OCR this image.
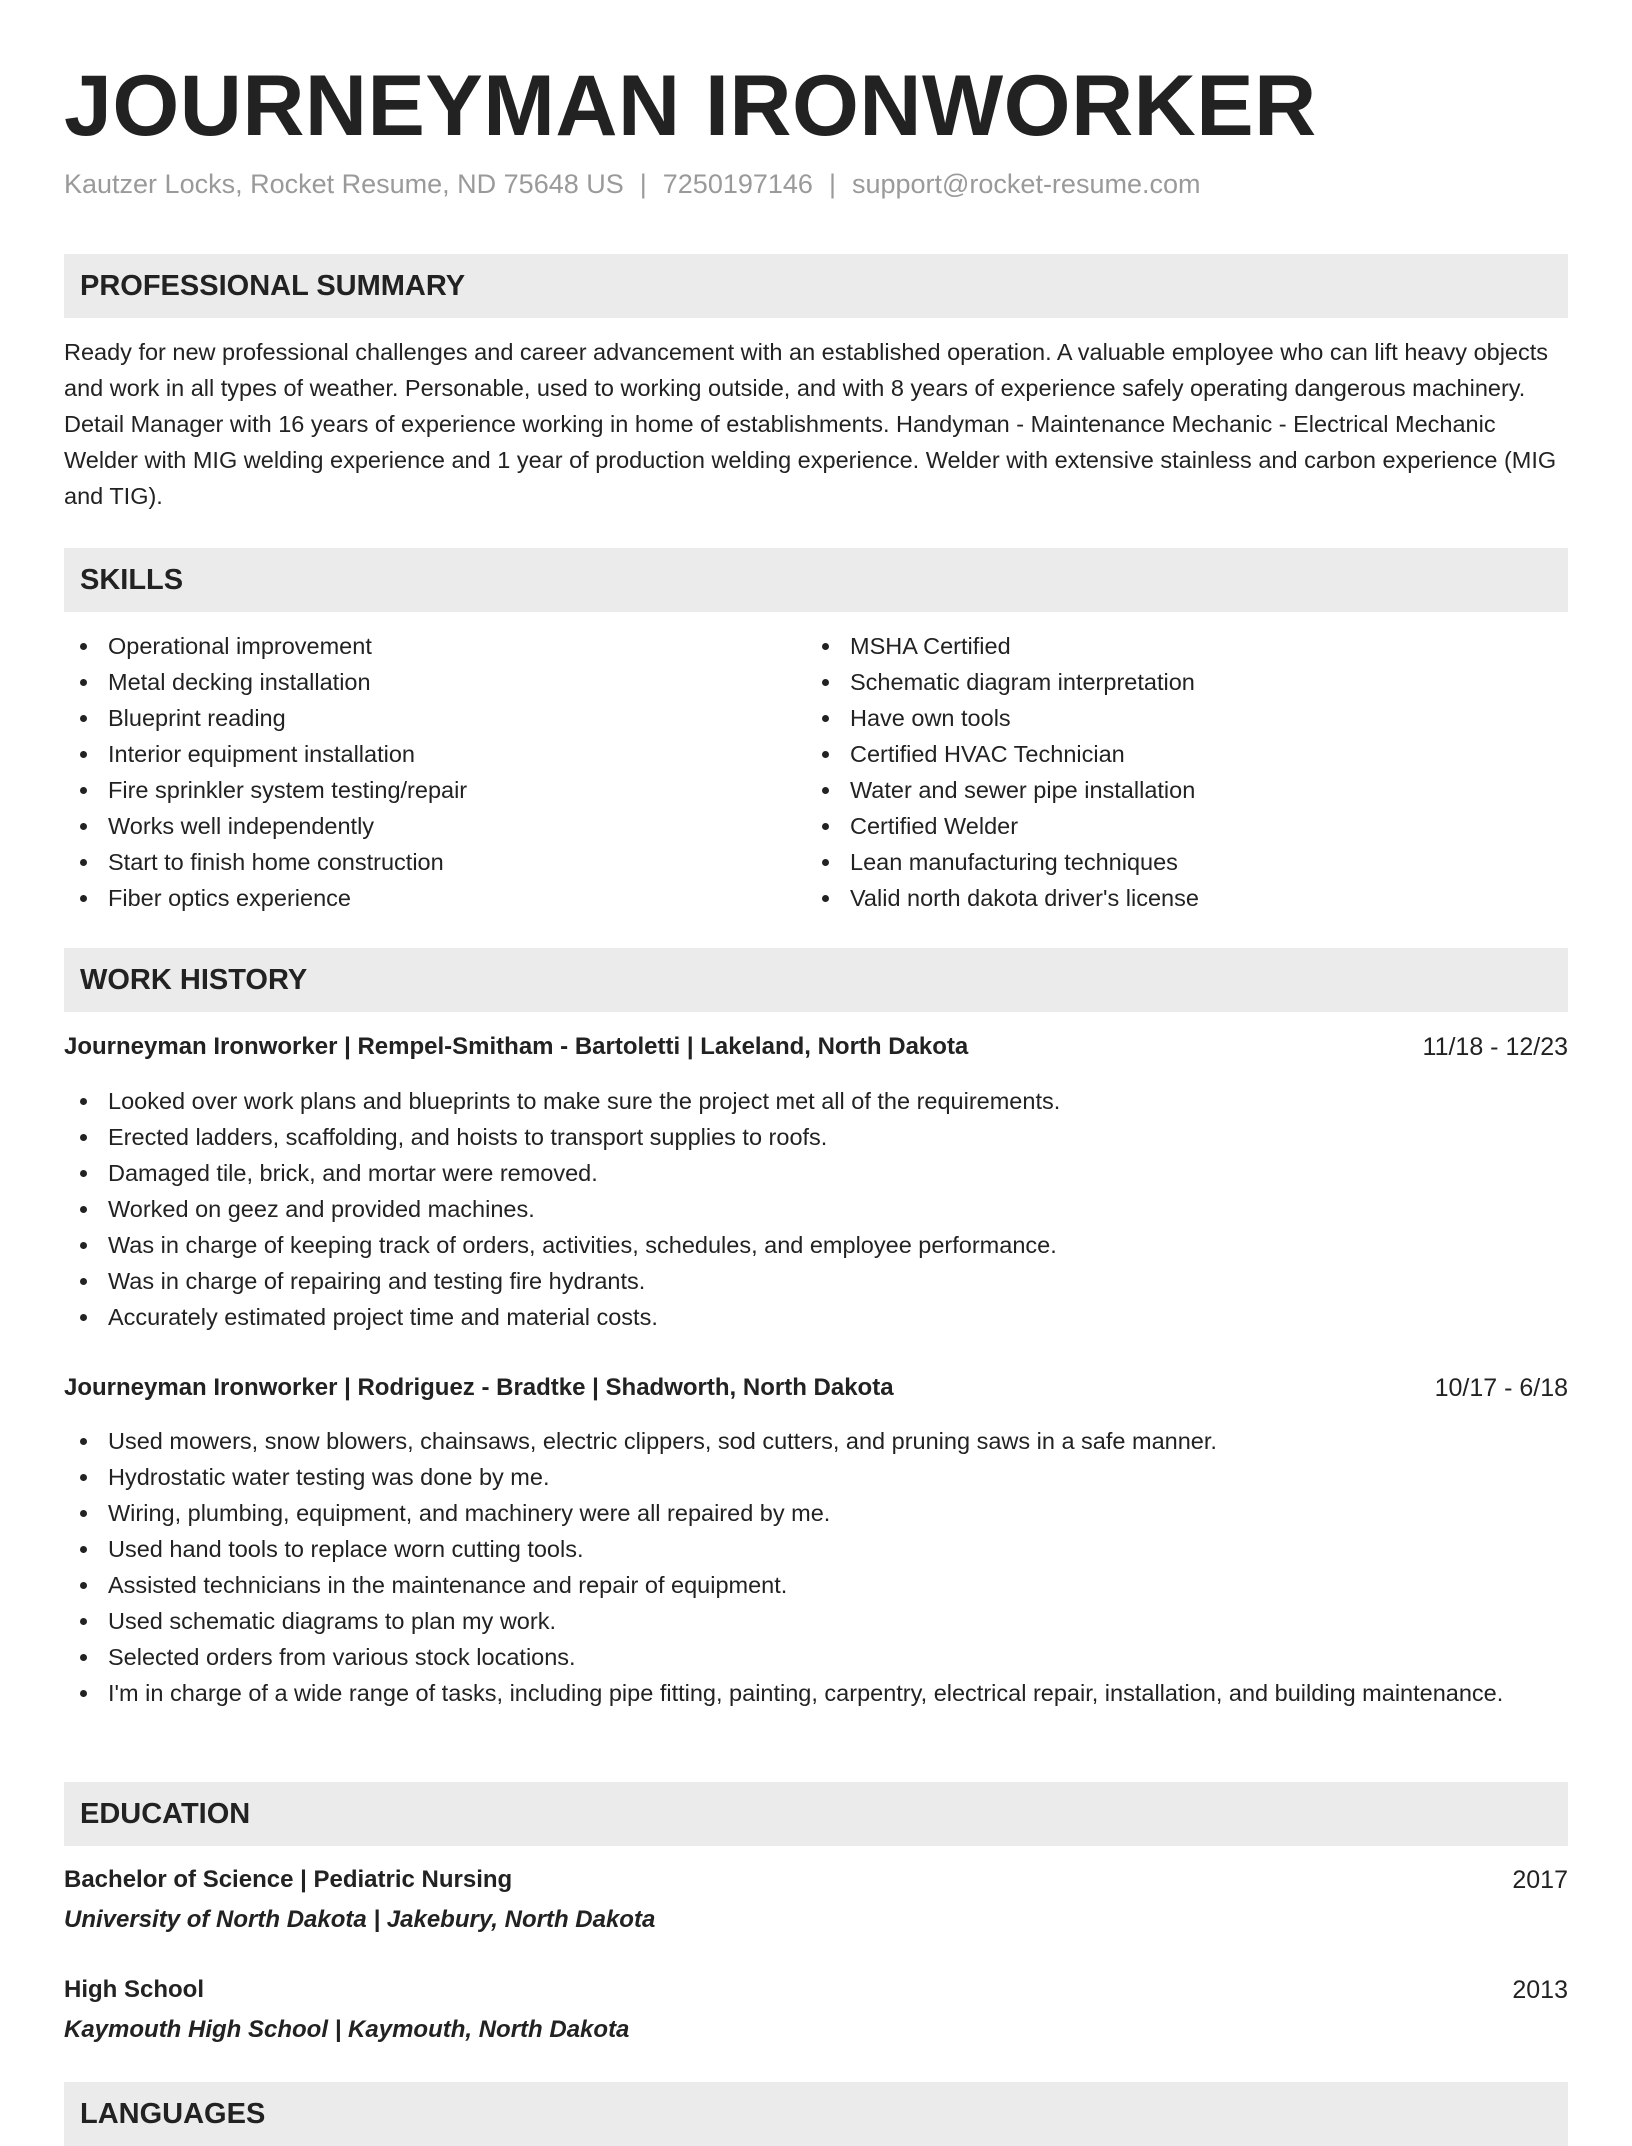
JOURNEYMAN IRONWORKER
Kautzer Locks, Rocket Resume, ND 75648 US | 7250197146 | support@rocket-resume.com
PROFESSIONAL SUMMARY

Ready for new professional challenges and career advancement with an established operation. A valuable employee who can lift heavy objects and work in all types of weather. Personable, used to working outside, and with 8 years of experience safely operating dangerous machinery. Detail Manager with 16 years of experience working in home of establishments. Handyman - Maintenance Mechanic - Electrical Mechanic Welder with MIG welding experience and 1 year of production welding experience. Welder with extensive stainless and carbon experience (MIG and TIG).

SKILLS
Operational improvement
Metal decking installation
Blueprint reading
Interior equipment installation
Fire sprinkler system testing/repair
Works well independently
Start to finish home construction
Fiber optics experience
MSHA Certified
Schematic diagram interpretation
Have own tools
Certified HVAC Technician
Water and sewer pipe installation
Certified Welder
Lean manufacturing techniques
Valid north dakota driver's license
WORK HISTORY
Journeyman Ironworker | Rempel-Smitham - Bartoletti | Lakeland, North Dakota	11/18 - 12/23
Looked over work plans and blueprints to make sure the project met all of the requirements.
Erected ladders, scaffolding, and hoists to transport supplies to roofs.
Damaged tile, brick, and mortar were removed.
Worked on geez and provided machines.
Was in charge of keeping track of orders, activities, schedules, and employee performance.
Was in charge of repairing and testing fire hydrants.
Accurately estimated project time and material costs.
Journeyman Ironworker | Rodriguez - Bradtke | Shadworth, North Dakota	10/17 - 6/18
Used mowers, snow blowers, chainsaws, electric clippers, sod cutters, and pruning saws in a safe manner.
Hydrostatic water testing was done by me.
Wiring, plumbing, equipment, and machinery were all repaired by me.
Used hand tools to replace worn cutting tools.
Assisted technicians in the maintenance and repair of equipment.
Used schematic diagrams to plan my work.
Selected orders from various stock locations.
I'm in charge of a wide range of tasks, including pipe fitting, painting, carpentry, electrical repair, installation, and building maintenance.
EDUCATION
Bachelor of Science | Pediatric Nursing	2017
University of North Dakota | Jakebury, North Dakota
High School	2013
Kaymouth High School | Kaymouth, North Dakota
LANGUAGES
